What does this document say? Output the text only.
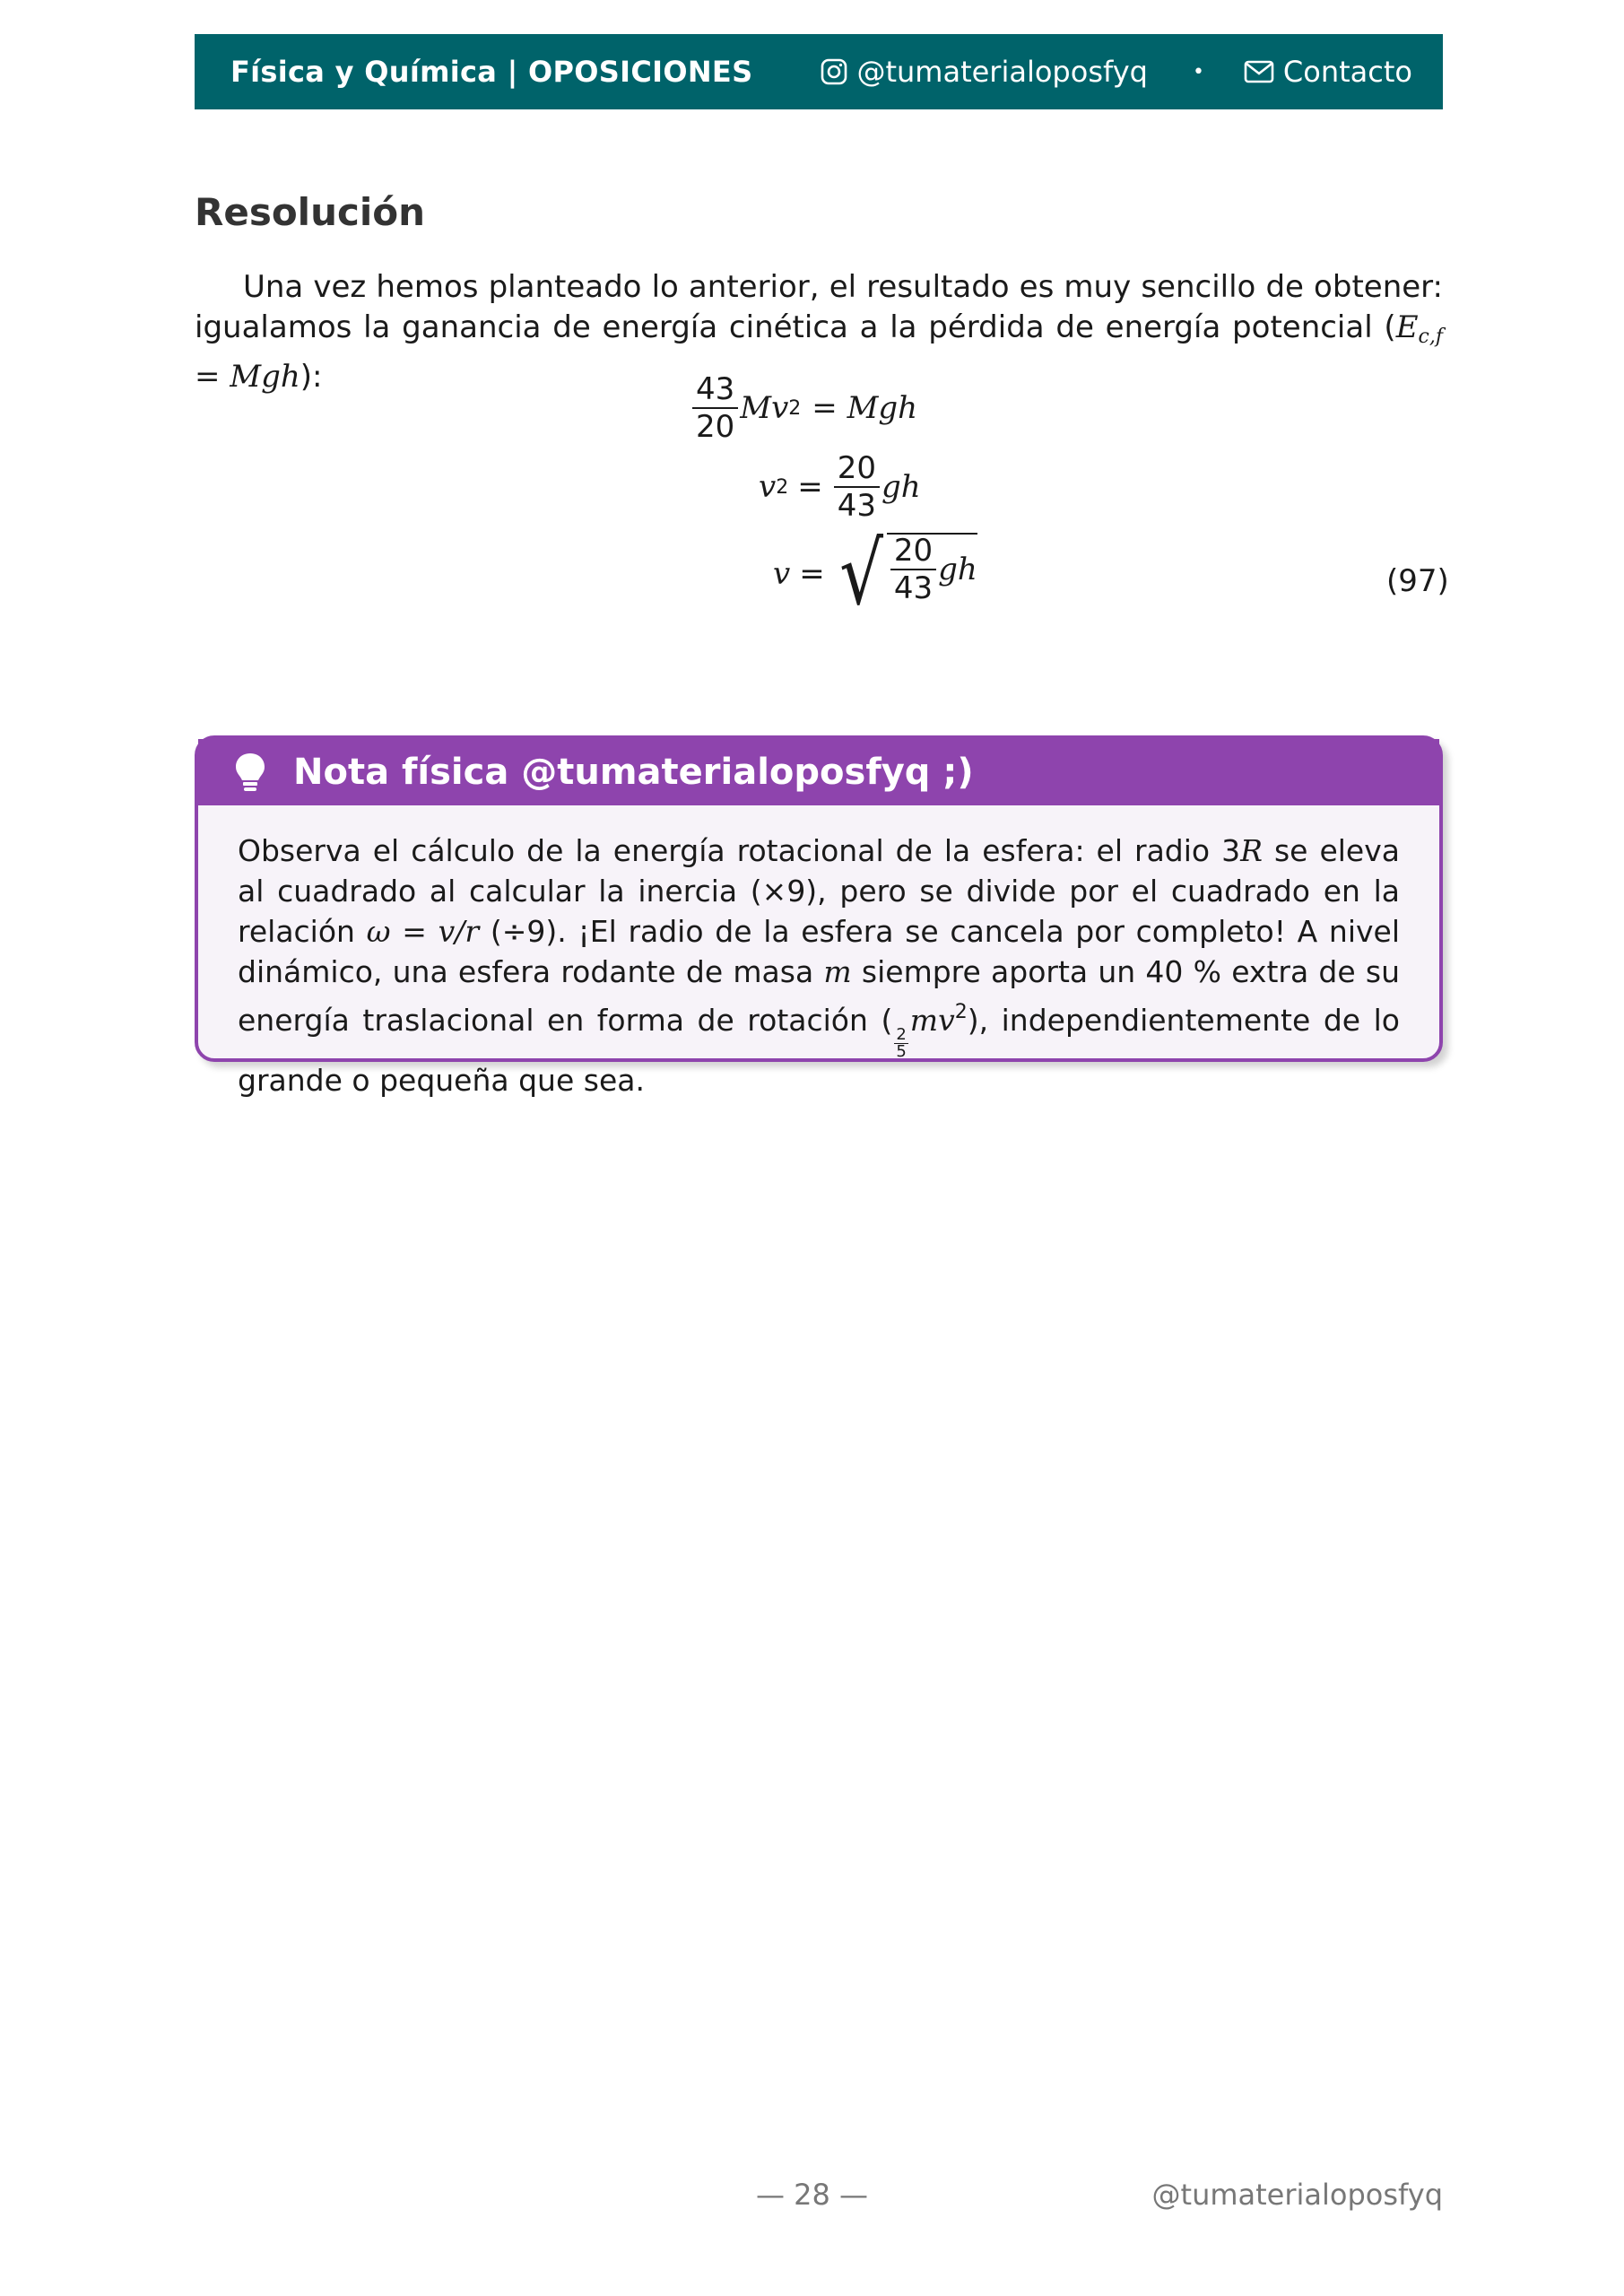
Física y Química | OPOSICIONES	@tumaterialoposfyq •	Contacto
Resolución
Una vez hemos planteado lo anterior, el resultado es muy sencillo de obtener: igualamos la ganancia de energía cinética a la pérdida de energía potencial $(E_{c,f} = Mgh)$:	$\frac{43}{20}$ Mv 2 = Mgh
v $2 = \frac{20}{43}$ gh
v = √ $\frac{20}{43}$ gh	(97)
Nota física @tumaterialoposfyq ;)
Observa el cálculo de la energía rotacional de la esfera: el radio 3R se eleva al cuadrado al calcular la inercia (×9), pero se divide por el cuadrado en la relación ω = v/r (÷9). ¡El radio de la esfera se cancela por completo! A nivel dinámico, una esfera rodante de masa m siempre aporta un 40 % extra de su energía traslacional en forma de rotación (
$\frac{2}{5}$
$mv^2$), independientemente de lo grande o pequeña que sea.
— 28 —	@tumaterialoposfyq
